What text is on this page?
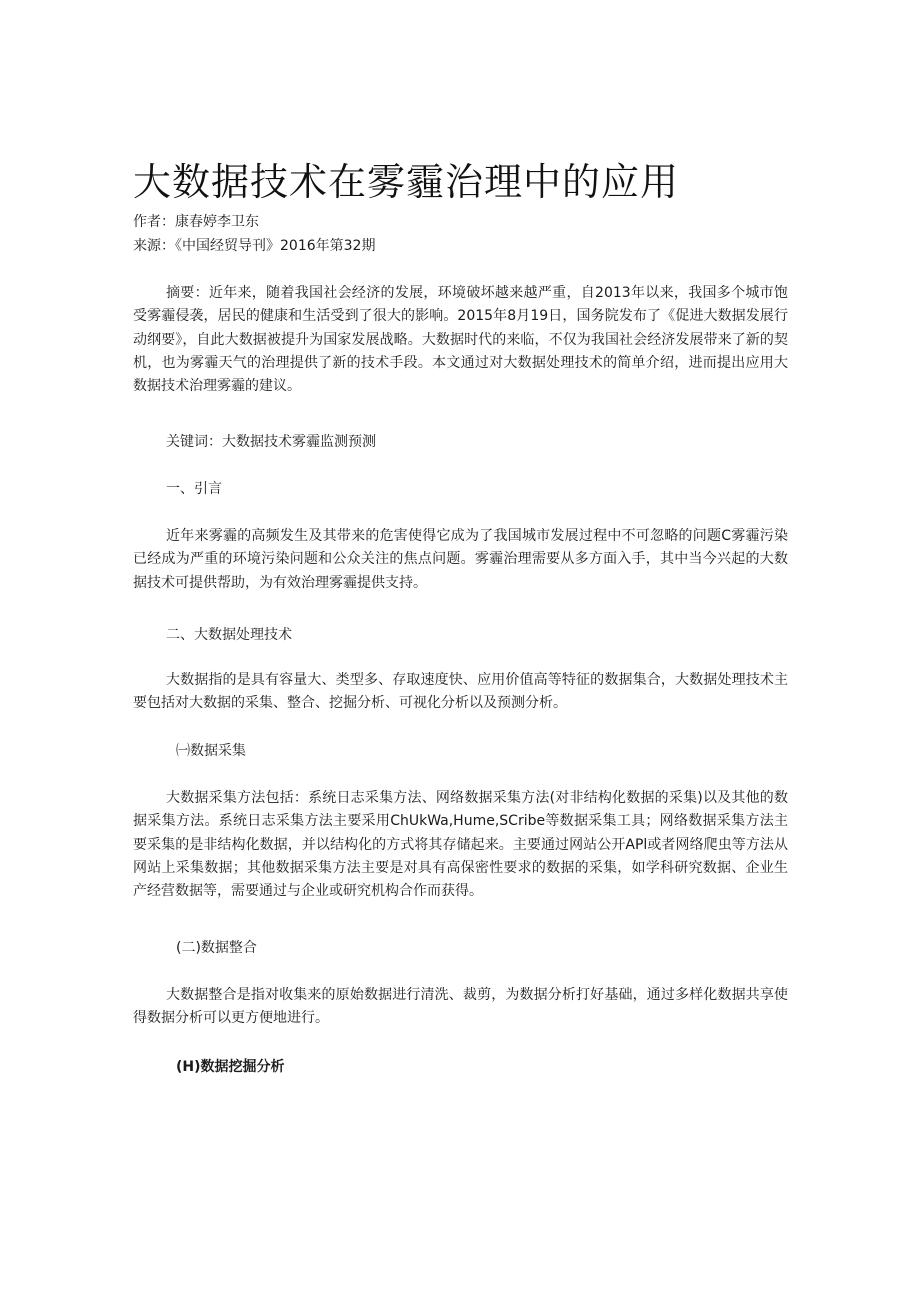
大数据技术在雾霾治理中的应用
作者：康春婷李卫东
来源：《中国经贸导刊》2016年第32期

摘要：近年来，随着我国社会经济的发展，环境破坏越来越严重，自2013年以来，我国多个城市饱受雾霾侵袭，居民的健康和生活受到了很大的影响。2015年8月19日，国务院发布了《促进大数据发展行动纲要》，自此大数据被提升为国家发展战略。大数据时代的来临，不仅为我国社会经济发展带来了新的契机，也为雾霾天气的治理提供了新的技术手段。本文通过对大数据处理技术的简单介绍，进而提出应用大数据技术治理雾霾的建议。

关键词：大数据技术雾霾监测预测

一、引言

近年来雾霾的高频发生及其带来的危害使得它成为了我国城市发展过程中不可忽略的问题C雾霾污染已经成为严重的环境污染问题和公众关注的焦点问题。雾霾治理需要从多方面入手，其中当今兴起的大数据技术可提供帮助，为有效治理雾霾提供支持。

二、大数据处理技术

大数据指的是具有容量大、类型多、存取速度快、应用价值高等特征的数据集合，大数据处理技术主要包括对大数据的采集、整合、挖掘分析、可视化分析以及预测分析。

㈠数据采集

大数据采集方法包括：系统日志采集方法、网络数据采集方法(对非结构化数据的采集)以及其他的数据采集方法。系统日志采集方法主要采用ChUkWa,Hume,SCribe等数据采集工具；网络数据采集方法主要采集的是非结构化数据，并以结构化的方式将其存储起来。主要通过网站公开APl或者网络爬虫等方法从网站上采集数据；其他数据采集方法主要是对具有高保密性要求的数据的采集，如学科研究数据、企业生产经营数据等，需要通过与企业或研究机构合作而获得。

(二)数据整合

大数据整合是指对收集来的原始数据进行清洗、裁剪，为数据分析打好基础，通过多样化数据共享使得数据分析可以更方便地进行。

(H)数据挖掘分析
